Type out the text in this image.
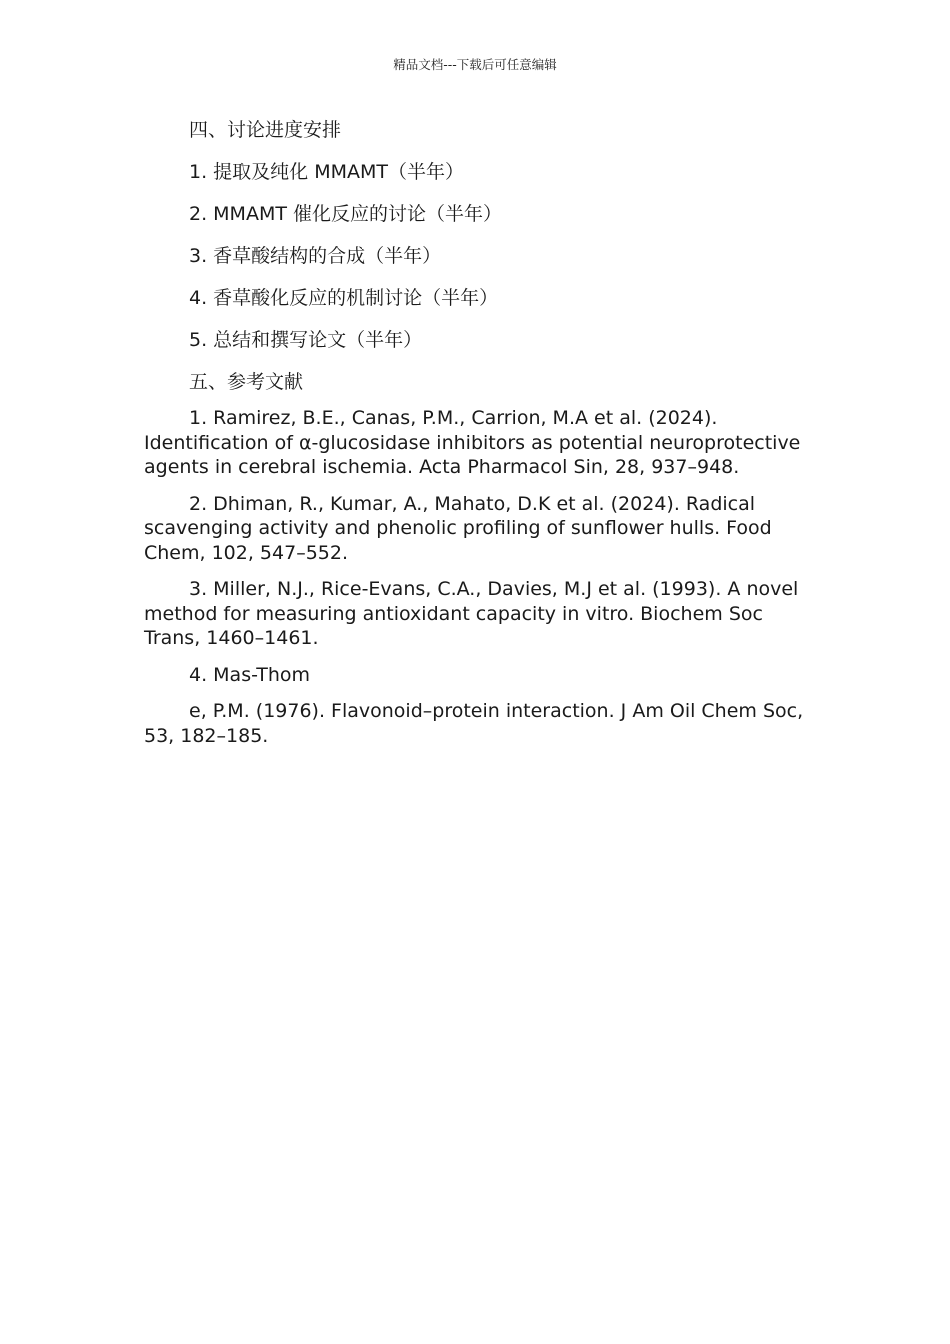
精品文档---下载后可任意编辑
四、讨论进度安排
1. 提取及纯化 MMAMT（半年）
2. MMAMT 催化反应的讨论（半年）
3. 香草酸结构的合成（半年）
4. 香草酸化反应的机制讨论（半年）
5. 总结和撰写论文（半年）
五、参考文献
1. Ramirez, B.E., Canas, P.M., Carrion, M.A et al. (2024). Identification of α-glucosidase inhibitors as potential neuroprotective agents in cerebral ischemia. Acta Pharmacol Sin, 28, 937–948.
2. Dhiman, R., Kumar, A., Mahato, D.K et al. (2024). Radical scavenging activity and phenolic profiling of sunflower hulls. Food Chem, 102, 547–552.
3. Miller, N.J., Rice-Evans, C.A., Davies, M.J et al. (1993). A novel method for measuring antioxidant capacity in vitro. Biochem Soc Trans, 1460–1461.
4. Mas-Thom
e, P.M. (1976). Flavonoid–protein interaction. J Am Oil Chem Soc, 53, 182–185.
